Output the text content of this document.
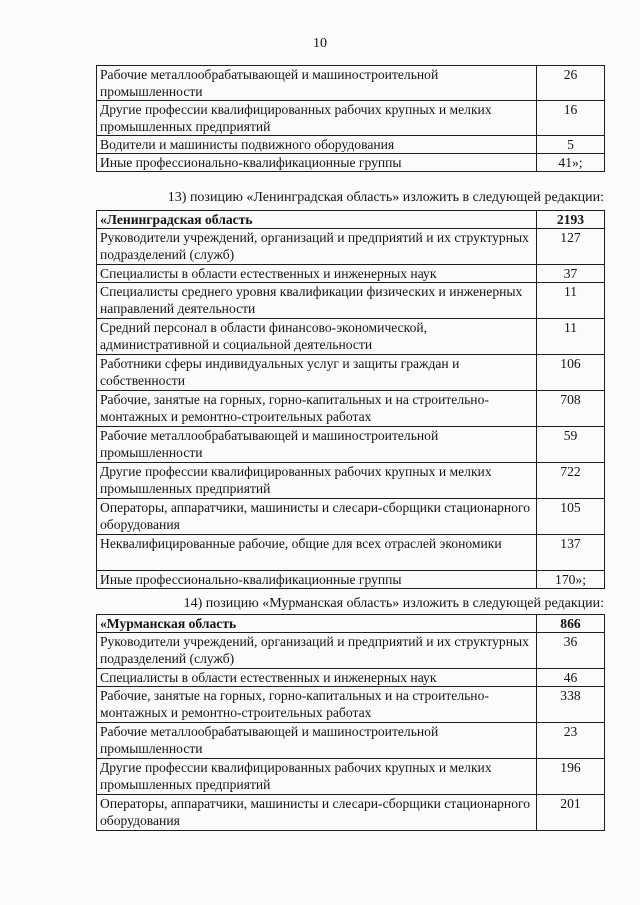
10
Рабочие металлообрабатывающей и машиностроительной промышленности	26
Другие профессии квалифицированных рабочих крупных и мелких промышленных предприятий	16
Водители и машинисты подвижного оборудования	5
Иные профессионально-квалификационные группы	41»;
13) позицию «Ленинградская область» изложить в следующей редакции:
«Ленинградская область	2193
Руководители учреждений, организаций и предприятий и их структурных подразделений (служб)	127
Специалисты в области естественных и инженерных наук	37
Специалисты среднего уровня квалификации физических и инженерных направлений деятельности	11
Средний персонал в области финансово-экономической, административной и социальной деятельности	11
Работники сферы индивидуальных услуг и защиты граждан и собственности	106
Рабочие, занятые на горных, горно-капитальных и на строительно-монтажных и ремонтно-строительных работах	708
Рабочие металлообрабатывающей и машиностроительной промышленности	59
Другие профессии квалифицированных рабочих крупных и мелких промышленных предприятий	722
Операторы, аппаратчики, машинисты и слесари-сборщики стационарного оборудования	105
Неквалифицированные рабочие, общие для всех отраслей экономики	137
Иные профессионально-квалификационные группы	170»;
14) позицию «Мурманская область» изложить в следующей редакции:
«Мурманская область	866
Руководители учреждений, организаций и предприятий и их структурных подразделений (служб)	36
Специалисты в области естественных и инженерных наук	46
Рабочие, занятые на горных, горно-капитальных и на строительно-монтажных и ремонтно-строительных работах	338
Рабочие металлообрабатывающей и машиностроительной промышленности	23
Другие профессии квалифицированных рабочих крупных и мелких промышленных предприятий	196
Операторы, аппаратчики, машинисты и слесари-сборщики стационарного оборудования	201
